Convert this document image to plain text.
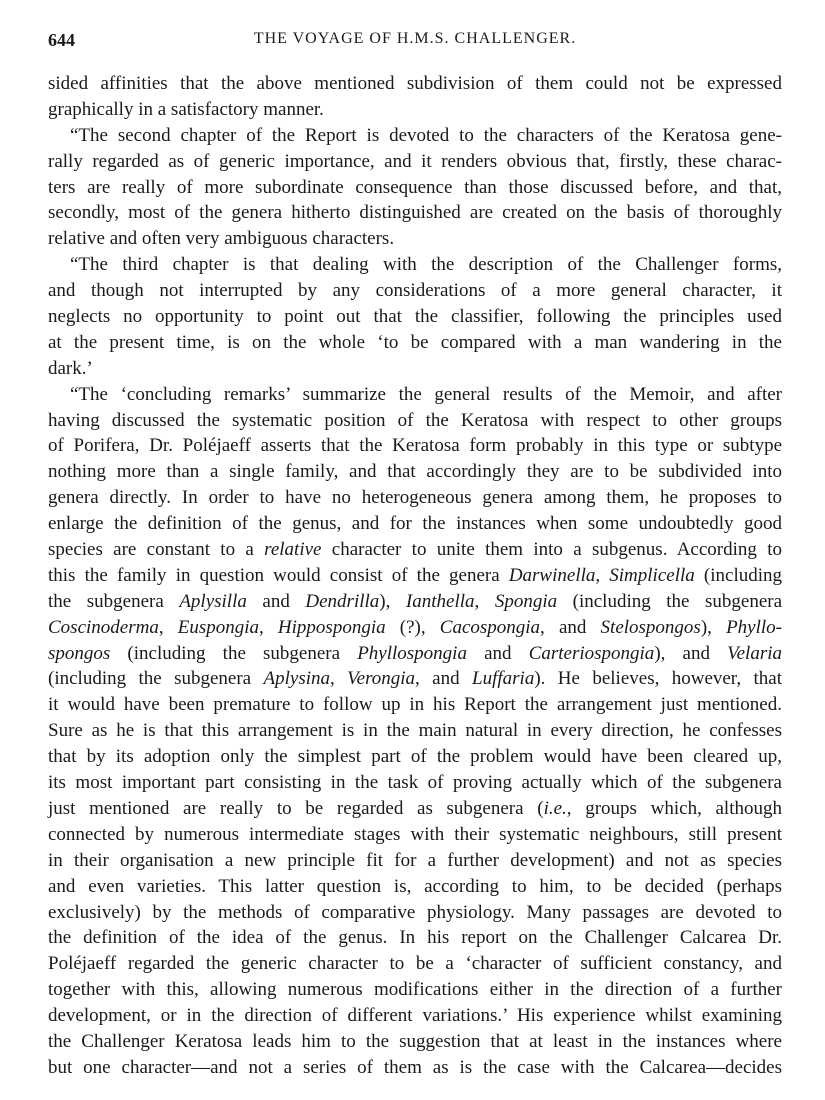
644	THE VOYAGE OF H.M.S. CHALLENGER.
sided affinities that the above mentioned subdivision of them could not be expressed
graphically in a satisfactory manner.
“The second chapter of the Report is devoted to the characters of the Keratosa gene-
rally regarded as of generic importance, and it renders obvious that, firstly, these charac-
ters are really of more subordinate consequence than those discussed before, and that,
secondly, most of the genera hitherto distinguished are created on the basis of thoroughly
relative and often very ambiguous characters.
“The third chapter is that dealing with the description of the Challenger forms,
and though not interrupted by any considerations of a more general character, it
neglects no opportunity to point out that the classifier, following the principles used
at the present time, is on the whole ‘to be compared with a man wandering in the
dark.’
“The ‘concluding remarks’ summarize the general results of the Memoir, and after
having discussed the systematic position of the Keratosa with respect to other groups
of Porifera, Dr. Poléjaeff asserts that the Keratosa form probably in this type or subtype
nothing more than a single family, and that accordingly they are to be subdivided into
genera directly. In order to have no heterogeneous genera among them, he proposes to
enlarge the definition of the genus, and for the instances when some undoubtedly good
species are constant to a relative character to unite them into a subgenus. According to
this the family in question would consist of the genera Darwinella, Simplicella (including
the subgenera Aplysilla and Dendrilla), Ianthella, Spongia (including the subgenera
Coscinoderma, Euspongia, Hippospongia (?), Cacospongia, and Stelospongos), Phyllo-
spongos (including the subgenera Phyllospongia and Carteriospongia), and Velaria
(including the subgenera Aplysina, Verongia, and Luffaria). He believes, however, that
it would have been premature to follow up in his Report the arrangement just mentioned.
Sure as he is that this arrangement is in the main natural in every direction, he confesses
that by its adoption only the simplest part of the problem would have been cleared up,
its most important part consisting in the task of proving actually which of the subgenera
just mentioned are really to be regarded as subgenera (i.e., groups which, although
connected by numerous intermediate stages with their systematic neighbours, still present
in their organisation a new principle fit for a further development) and not as species
and even varieties. This latter question is, according to him, to be decided (perhaps
exclusively) by the methods of comparative physiology. Many passages are devoted to
the definition of the idea of the genus. In his report on the Challenger Calcarea Dr.
Poléjaeff regarded the generic character to be a ‘character of sufficient constancy, and
together with this, allowing numerous modifications either in the direction of a further
development, or in the direction of different variations.’ His experience whilst examining
the Challenger Keratosa leads him to the suggestion that at least in the instances where
but one character—and not a series of them as is the case with the Calcarea—decides
